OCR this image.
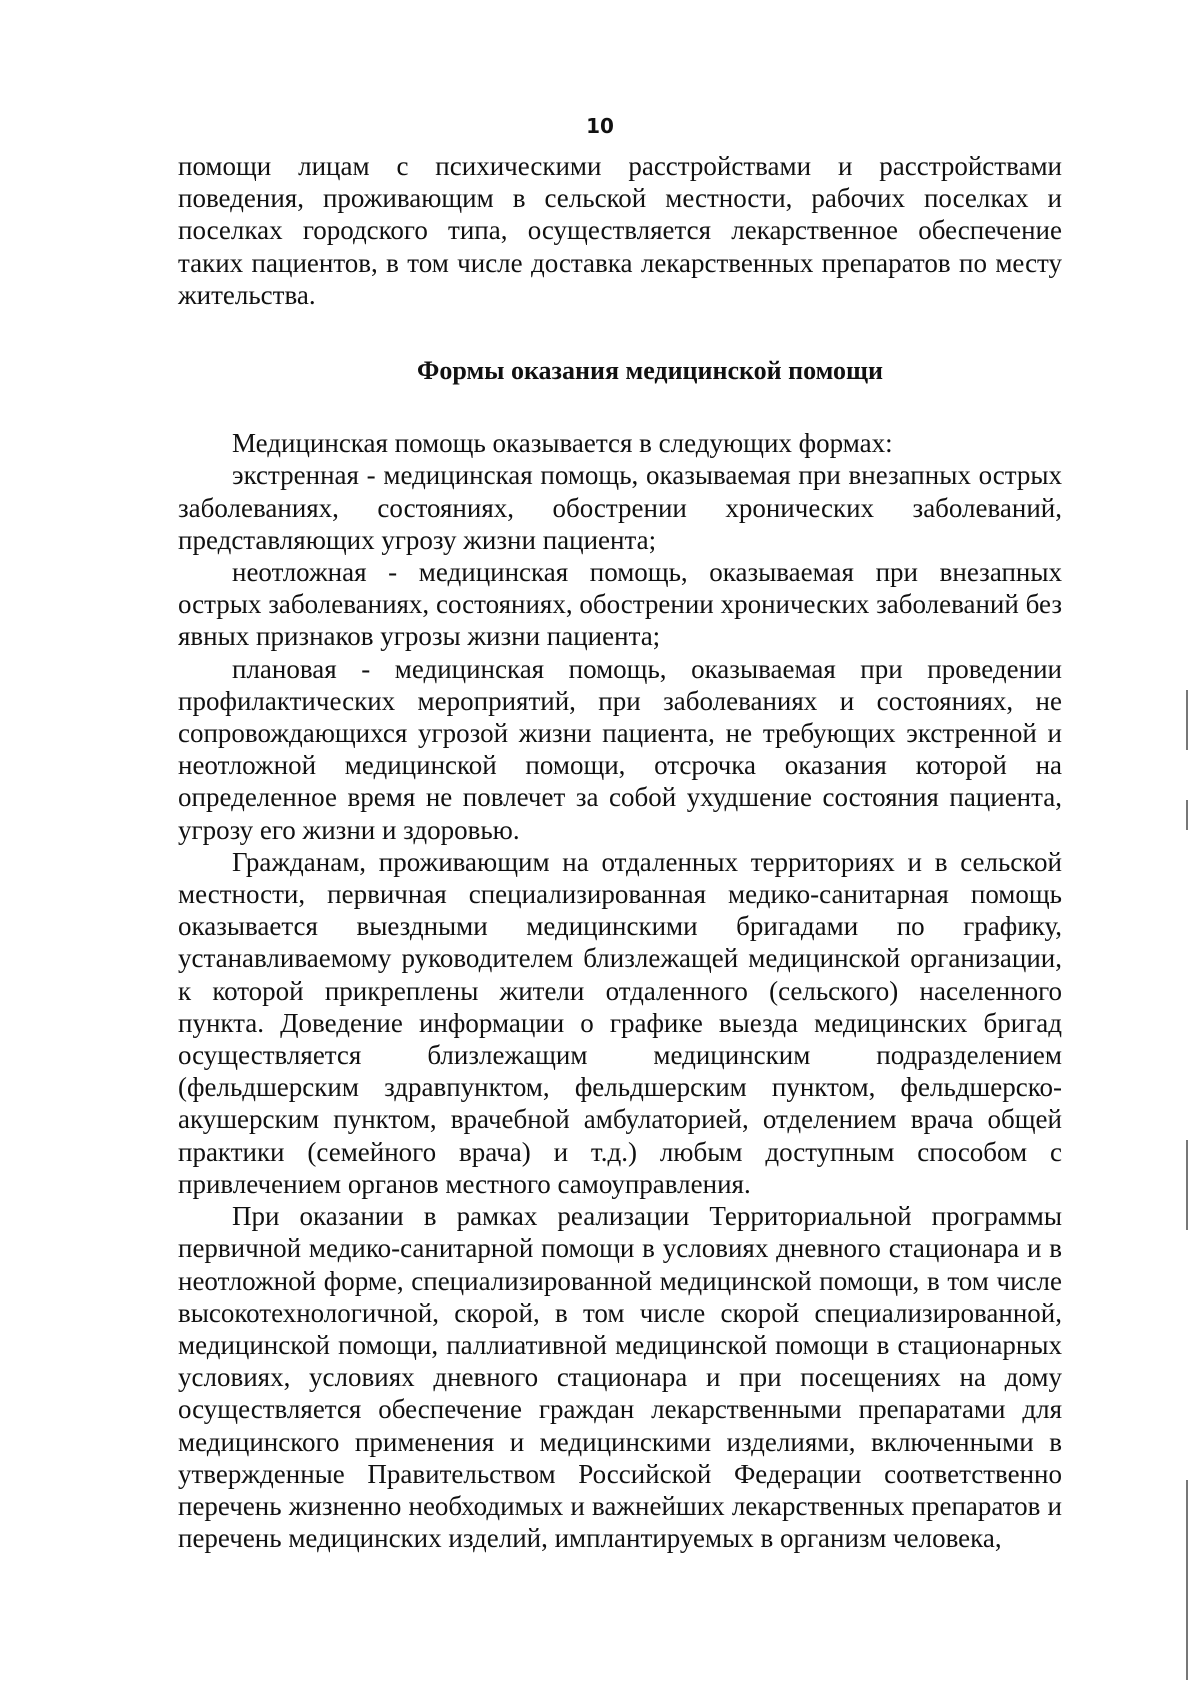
10

помощи лицам с психическими расстройствами и расстройствами поведения, проживающим в сельской местности, рабочих поселках и поселках городского типа, осуществляется лекарственное обеспечение таких пациентов, в том числе доставка лекарственных препаратов по месту жительства.

Формы оказания медицинской помощи

Медицинская помощь оказывается в следующих формах:

экстренная - медицинская помощь, оказываемая при внезапных острых заболеваниях, состояниях, обострении хронических заболеваний, представляющих угрозу жизни пациента;

неотложная - медицинская помощь, оказываемая при внезапных острых заболеваниях, состояниях, обострении хронических заболеваний без явных признаков угрозы жизни пациента;

плановая - медицинская помощь, оказываемая при проведении профилактических мероприятий, при заболеваниях и состояниях, не сопровождающихся угрозой жизни пациента, не требующих экстренной и неотложной медицинской помощи, отсрочка оказания которой на определенное время не повлечет за собой ухудшение состояния пациента, угрозу его жизни и здоровью.

Гражданам, проживающим на отдаленных территориях и в сельской местности, первичная специализированная медико-санитарная помощь оказывается выездными медицинскими бригадами по графику, устанавливаемому руководителем близлежащей медицинской организации, к которой прикреплены жители отдаленного (сельского) населенного пункта. Доведение информации о графике выезда медицинских бригад осуществляется близлежащим медицинским подразделением (фельдшерским здравпунктом, фельдшерским пунктом, фельдшерско-акушерским пунктом, врачебной амбулаторией, отделением врача общей практики (семейного врача) и т.д.) любым доступным способом с привлечением органов местного самоуправления.

При оказании в рамках реализации Территориальной программы первичной медико-санитарной помощи в условиях дневного стационара и в неотложной форме, специализированной медицинской помощи, в том числе высокотехнологичной, скорой, в том числе скорой специализированной, медицинской помощи, паллиативной медицинской помощи в стационарных условиях, условиях дневного стационара и при посещениях на дому осуществляется обеспечение граждан лекарственными препаратами для медицинского применения и медицинскими изделиями, включенными в утвержденные Правительством Российской Федерации соответственно перечень жизненно необходимых и важнейших лекарственных препаратов и перечень медицинских изделий, имплантируемых в организм человека,
